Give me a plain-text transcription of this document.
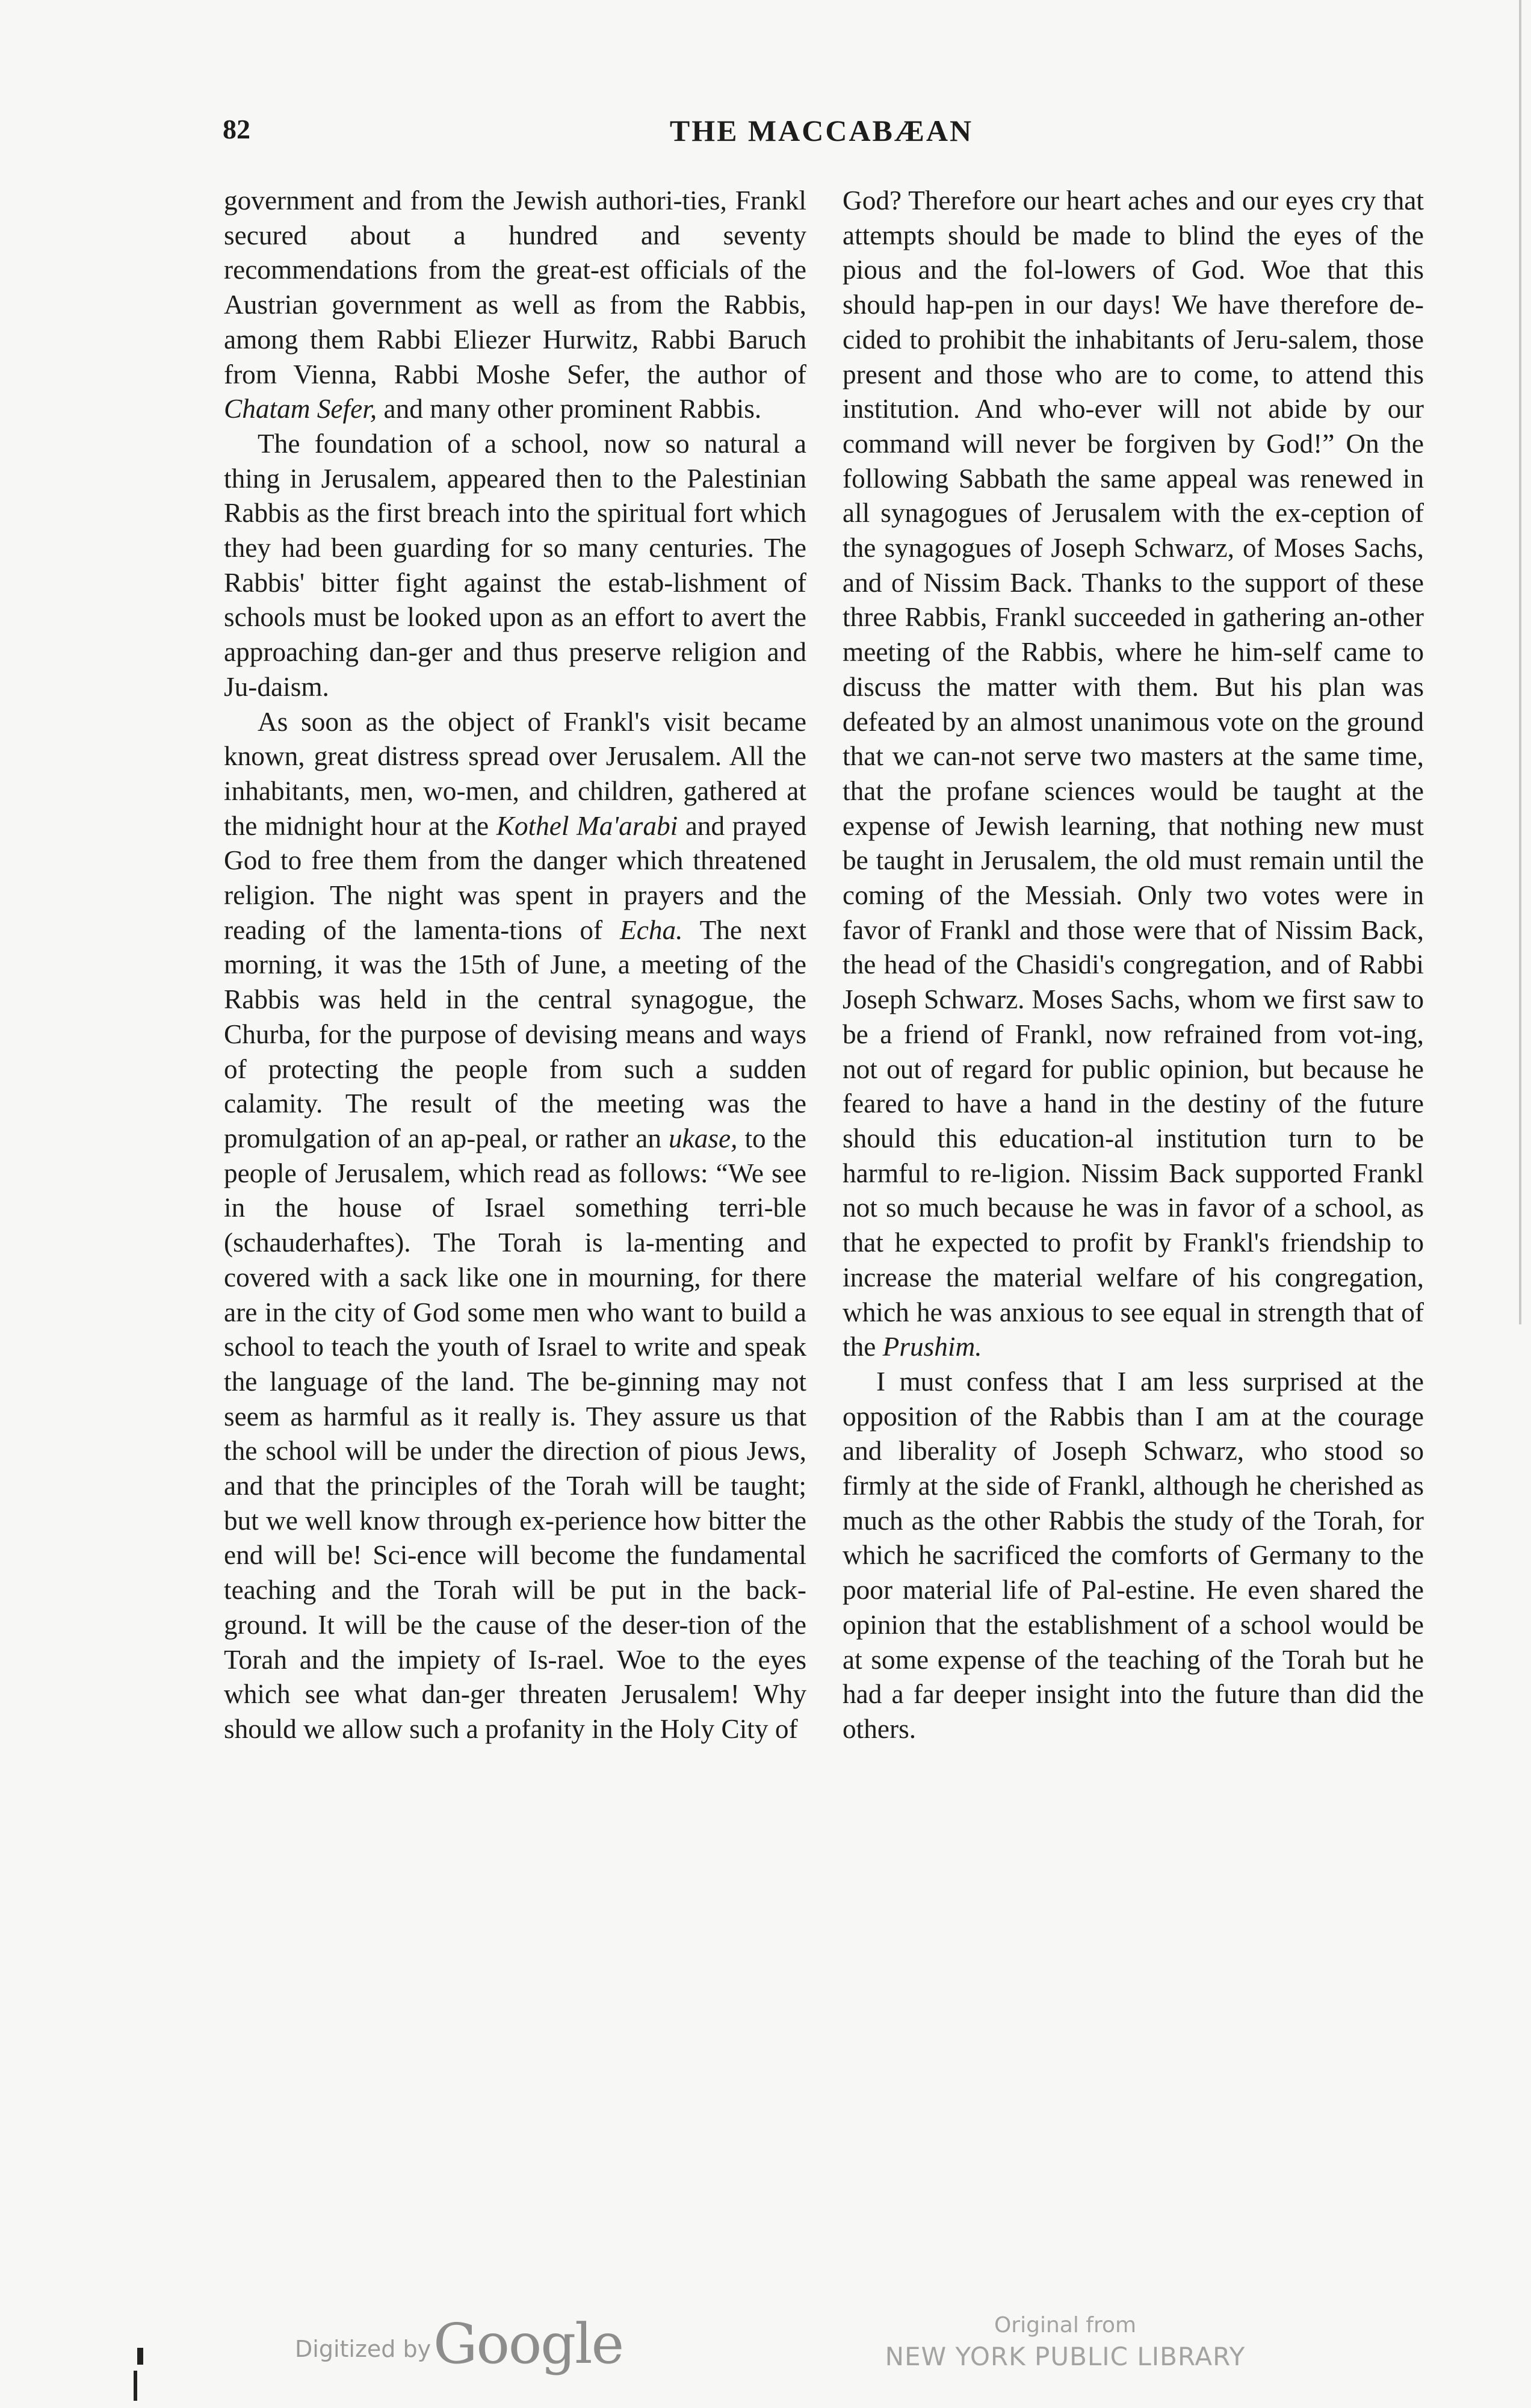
82	THE MACCABÆAN

government and from the Jewish authori-ties, Frankl secured about a hundred and seventy recommendations from the great-est officials of the Austrian government as well as from the Rabbis, among them Rabbi Eliezer Hurwitz, Rabbi Baruch from Vienna, Rabbi Moshe Sefer, the author of Chatam Sefer, and many other prominent Rabbis.

The foundation of a school, now so natural a thing in Jerusalem, appeared then to the Palestinian Rabbis as the first breach into the spiritual fort which they had been guarding for so many centuries. The Rabbis' bitter fight against the estab-lishment of schools must be looked upon as an effort to avert the approaching dan-ger and thus preserve religion and Ju-daism.

As soon as the object of Frankl's visit became known, great distress spread over Jerusalem. All the inhabitants, men, wo-men, and children, gathered at the midnight hour at the Kothel Ma'arabi and prayed God to free them from the danger which threatened religion. The night was spent in prayers and the reading of the lamenta-tions of Echa. The next morning, it was the 15th of June, a meeting of the Rabbis was held in the central synagogue, the Churba, for the purpose of devising means and ways of protecting the people from such a sudden calamity. The result of the meeting was the promulgation of an ap-peal, or rather an ukase, to the people of Jerusalem, which read as follows: “We see in the house of Israel something terri-ble (schauderhaftes). The Torah is la-menting and covered with a sack like one in mourning, for there are in the city of God some men who want to build a school to teach the youth of Israel to write and speak the language of the land. The be-ginning may not seem as harmful as it really is. They assure us that the school will be under the direction of pious Jews, and that the principles of the Torah will be taught; but we well know through ex-perience how bitter the end will be! Sci-ence will become the fundamental teaching and the Torah will be put in the back-ground. It will be the cause of the deser-tion of the Torah and the impiety of Is-rael. Woe to the eyes which see what dan-ger threaten Jerusalem! Why should we allow such a profanity in the Holy City of

God? Therefore our heart aches and our eyes cry that attempts should be made to blind the eyes of the pious and the fol-lowers of God. Woe that this should hap-pen in our days! We have therefore de-cided to prohibit the inhabitants of Jeru-salem, those present and those who are to come, to attend this institution. And who-ever will not abide by our command will never be forgiven by God!” On the following Sabbath the same appeal was renewed in all synagogues of Jerusalem with the ex-ception of the synagogues of Joseph Schwarz, of Moses Sachs, and of Nissim Back. Thanks to the support of these three Rabbis, Frankl succeeded in gathering an-other meeting of the Rabbis, where he him-self came to discuss the matter with them. But his plan was defeated by an almost unanimous vote on the ground that we can-not serve two masters at the same time, that the profane sciences would be taught at the expense of Jewish learning, that nothing new must be taught in Jerusalem, the old must remain until the coming of the Messiah. Only two votes were in favor of Frankl and those were that of Nissim Back, the head of the Chasidi's congregation, and of Rabbi Joseph Schwarz. Moses Sachs, whom we first saw to be a friend of Frankl, now refrained from vot-ing, not out of regard for public opinion, but because he feared to have a hand in the destiny of the future should this education-al institution turn to be harmful to re-ligion. Nissim Back supported Frankl not so much because he was in favor of a school, as that he expected to profit by Frankl's friendship to increase the material welfare of his congregation, which he was anxious to see equal in strength that of the Prushim.

I must confess that I am less surprised at the opposition of the Rabbis than I am at the courage and liberality of Joseph Schwarz, who stood so firmly at the side of Frankl, although he cherished as much as the other Rabbis the study of the Torah, for which he sacrificed the comforts of Germany to the poor material life of Pal-estine. He even shared the opinion that the establishment of a school would be at some expense of the teaching of the Torah but he had a far deeper insight into the future than did the others.

Digitized by Google	Original from
NEW YORK PUBLIC LIBRARY
